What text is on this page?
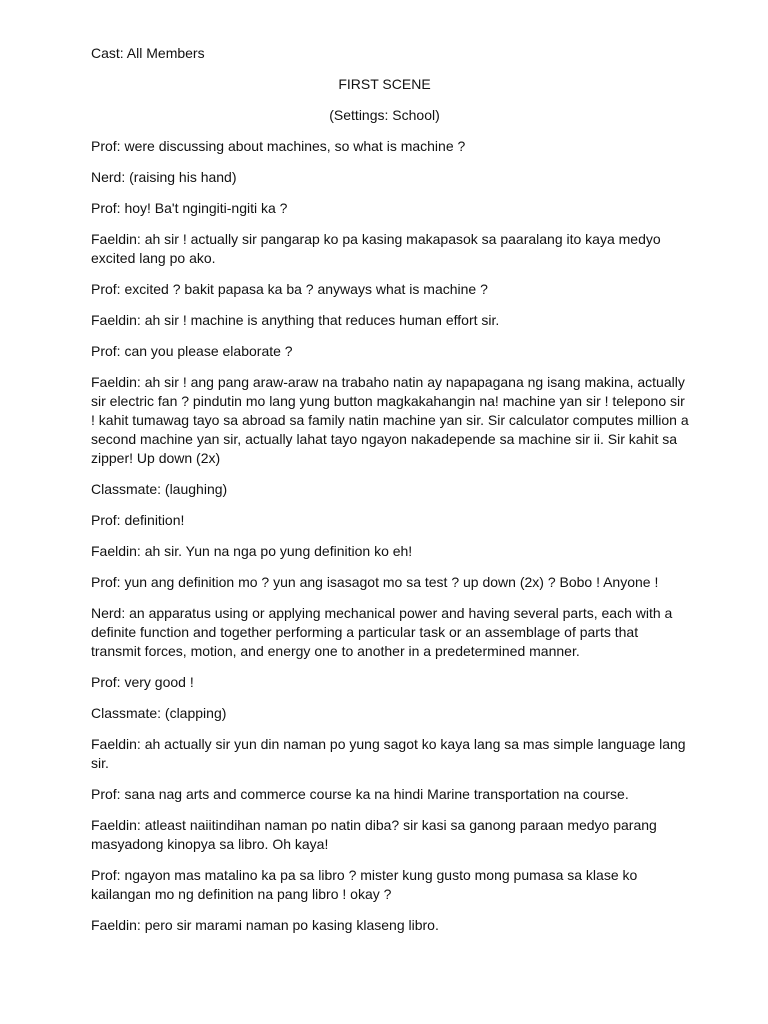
Cast: All Members

FIRST SCENE

(Settings: School)

Prof: were discussing about machines, so what is machine ?

Nerd: (raising his hand)

Prof: hoy! Ba't ngingiti-ngiti ka ?

Faeldin: ah sir ! actually sir pangarap ko pa kasing makapasok sa paaralang ito kaya medyo excited lang po ako.

Prof: excited ? bakit papasa ka ba ? anyways what is machine ?

Faeldin: ah sir ! machine is anything that reduces human effort sir.

Prof: can you please elaborate ?

Faeldin: ah sir ! ang pang araw-araw na trabaho natin ay napapagana ng isang makina, actually sir electric fan ? pindutin mo lang yung button magkakahangin na! machine yan sir ! telepono sir ! kahit tumawag tayo sa abroad sa family natin machine yan sir. Sir calculator computes million a second machine yan sir, actually lahat tayo ngayon nakadepende sa machine sir ii. Sir kahit sa zipper! Up down (2x)

Classmate: (laughing)

Prof: definition!

Faeldin: ah sir. Yun na nga po yung definition ko eh!

Prof: yun ang definition mo ? yun ang isasagot mo sa test ? up down (2x) ? Bobo ! Anyone !

Nerd: an apparatus using or applying mechanical power and having several parts, each with a definite function and together performing a particular task or an assemblage of parts that transmit forces, motion, and energy one to another in a predetermined manner.

Prof: very good !

Classmate: (clapping)

Faeldin: ah actually sir yun din naman po yung sagot ko kaya lang sa mas simple language lang sir.

Prof: sana nag arts and commerce course ka na hindi Marine transportation na course.

Faeldin: atleast naiitindihan naman po natin diba? sir kasi sa ganong paraan medyo parang masyadong kinopya sa libro. Oh kaya!

Prof: ngayon mas matalino ka pa sa libro ? mister kung gusto mong pumasa sa klase ko kailangan mo ng definition na pang libro ! okay ?

Faeldin: pero sir marami naman po kasing klaseng libro.
